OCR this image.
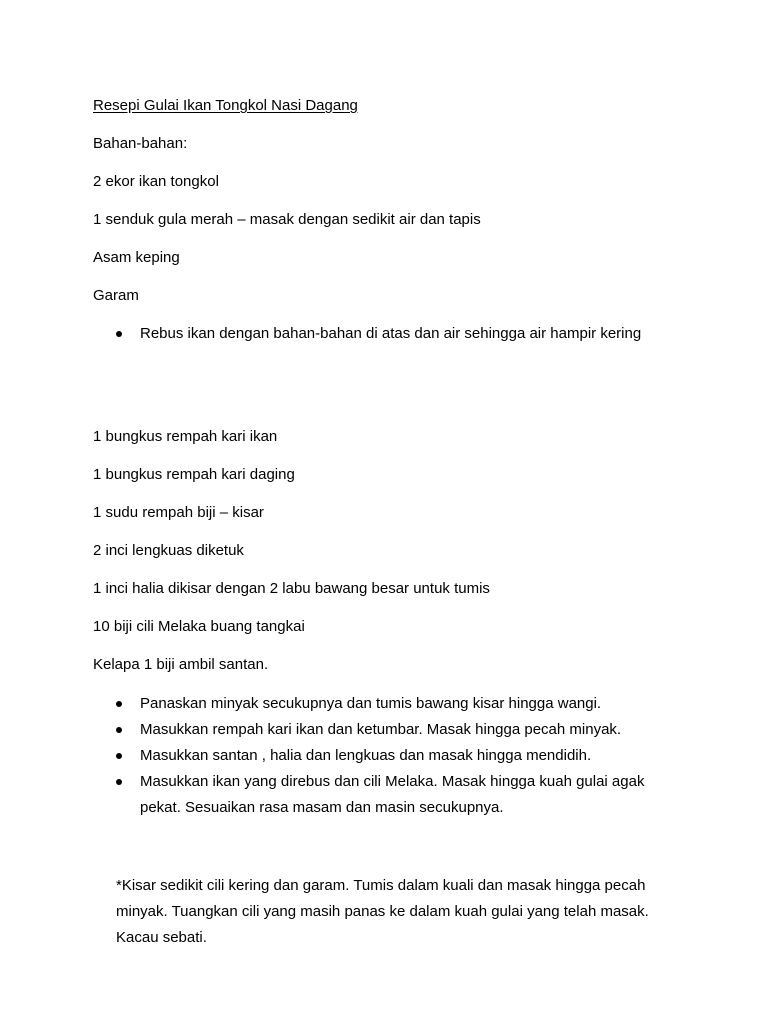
Resepi Gulai Ikan Tongkol Nasi Dagang
Bahan-bahan:
2 ekor ikan tongkol
1 senduk gula merah – masak dengan sedikit air dan tapis
Asam keping
Garam
Rebus ikan dengan bahan-bahan di atas dan air sehingga air hampir kering
1 bungkus rempah kari ikan
1 bungkus rempah kari daging
1 sudu rempah biji – kisar
2 inci lengkuas diketuk
1 inci halia dikisar dengan 2 labu bawang besar untuk tumis
10 biji cili Melaka buang tangkai
Kelapa 1 biji ambil santan.
Panaskan minyak secukupnya dan tumis bawang kisar hingga wangi.
Masukkan rempah kari ikan dan ketumbar. Masak hingga pecah minyak.
Masukkan santan , halia dan lengkuas dan masak hingga mendidih.
Masukkan ikan yang direbus dan cili Melaka. Masak hingga kuah gulai agak pekat. Sesuaikan rasa masam dan masin secukupnya.
*Kisar sedikit cili kering dan garam. Tumis dalam kuali dan masak hingga pecah minyak. Tuangkan cili yang masih panas ke dalam kuah gulai yang telah masak. Kacau sebati.
